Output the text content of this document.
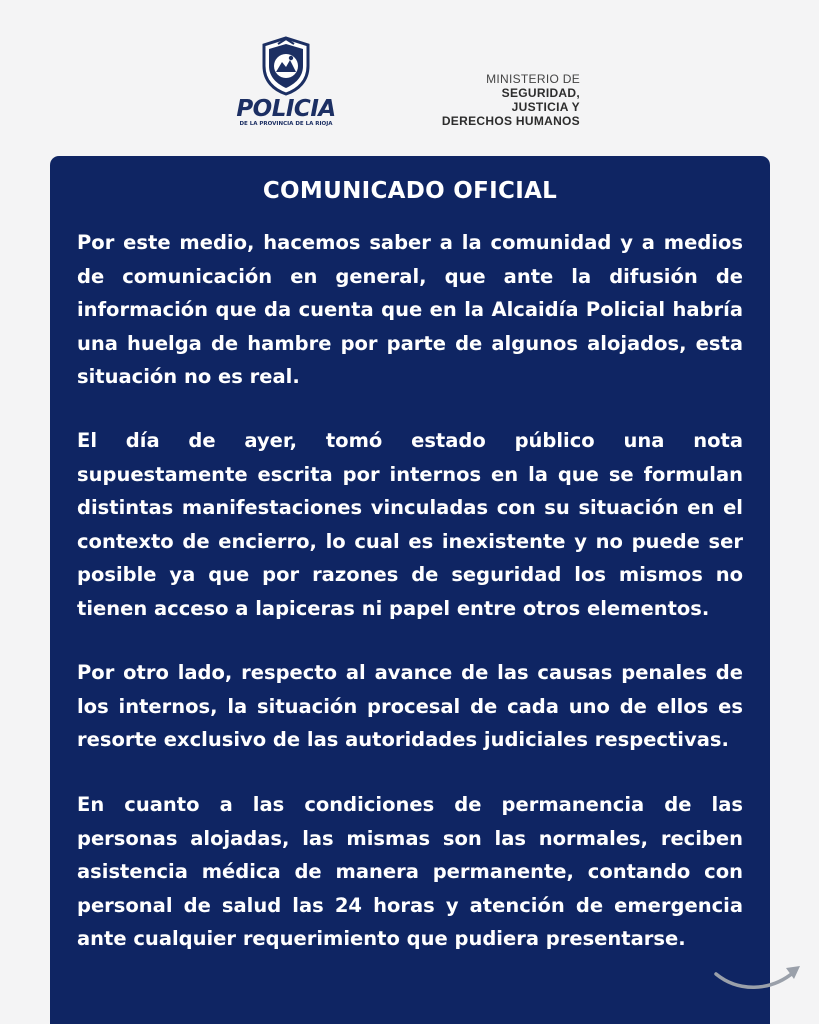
POLICIA
DE LA PROVINCIA DE LA RIOJA
MINISTERIO DE
SEGURIDAD,
JUSTICIA Y
DERECHOS HUMANOS
COMUNICADO OFICIAL

Por este medio, hacemos saber a la comunidad y a medios de comunicación en general, que ante la difusión de información que da cuenta que en la Alcaidía Policial habría una huelga de hambre por parte de algunos alojados, esta situación no es real.

El día de ayer, tomó estado público una nota supuestamente escrita por internos en la que se formulan distintas manifestaciones vinculadas con su situación en el contexto de encierro, lo cual es inexistente y no puede ser posible ya que por razones de seguridad los mismos no tienen acceso a lapiceras ni papel entre otros elementos.

Por otro lado, respecto al avance de las causas penales de los internos, la situación procesal de cada uno de ellos es resorte exclusivo de las autoridades judiciales respectivas.

En cuanto a las condiciones de permanencia de las personas alojadas, las mismas son las normales, reciben asistencia médica de manera permanente, contando con personal de salud las 24 horas y atención de emergencia ante cualquier requerimiento que pudiera presentarse.
